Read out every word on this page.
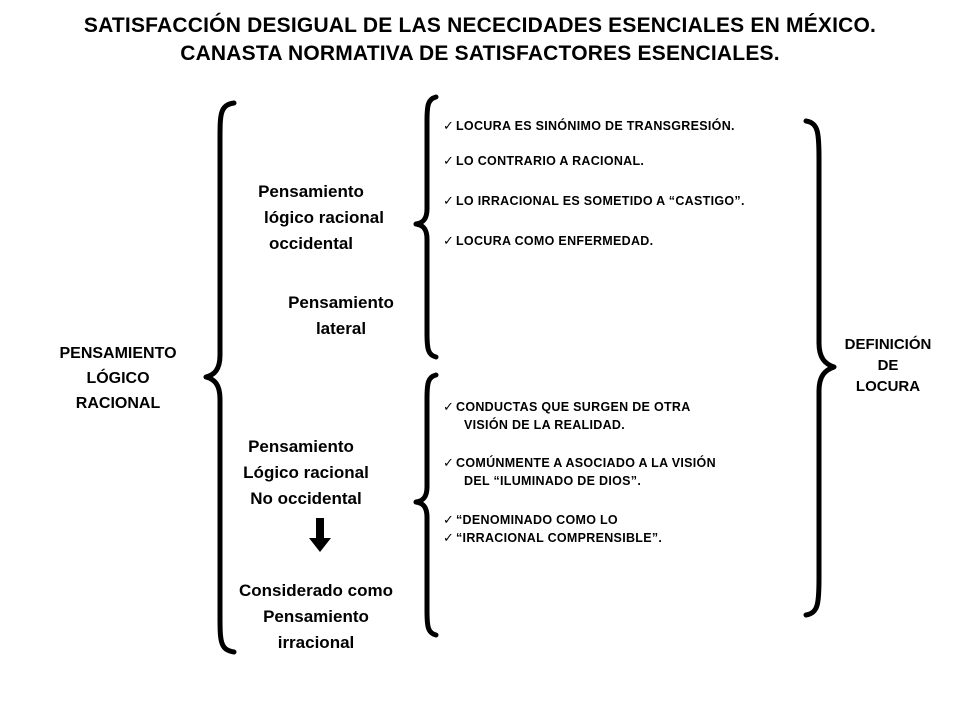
SATISFACCIÓN DESIGUAL DE LAS NECECIDADES ESENCIALES EN MÉXICO.
CANASTA NORMATIVA DE SATISFACTORES ESENCIALES.
PENSAMIENTO
LÓGICO
RACIONAL
Pensamiento
lógico racional
occidental
Pensamiento
lateral
Pensamiento
Lógico racional
No occidental
Considerado como
Pensamiento
irracional
✓ LOCURA ES SINÓNIMO DE TRANSGRESIÓN.
✓ LO CONTRARIO A RACIONAL.
✓ LO IRRACIONAL ES SOMETIDO A “CASTIGO”.
✓ LOCURA COMO ENFERMEDAD.
✓ CONDUCTAS QUE SURGEN DE OTRA
VISIÓN DE LA REALIDAD.
✓ COMÚNMENTE A ASOCIADO A LA VISIÓN
DEL “ILUMINADO DE DIOS”.
✓ “DENOMINADO COMO LO
✓ “IRRACIONAL COMPRENSIBLE”.
DEFINICIÓN
DE
LOCURA
